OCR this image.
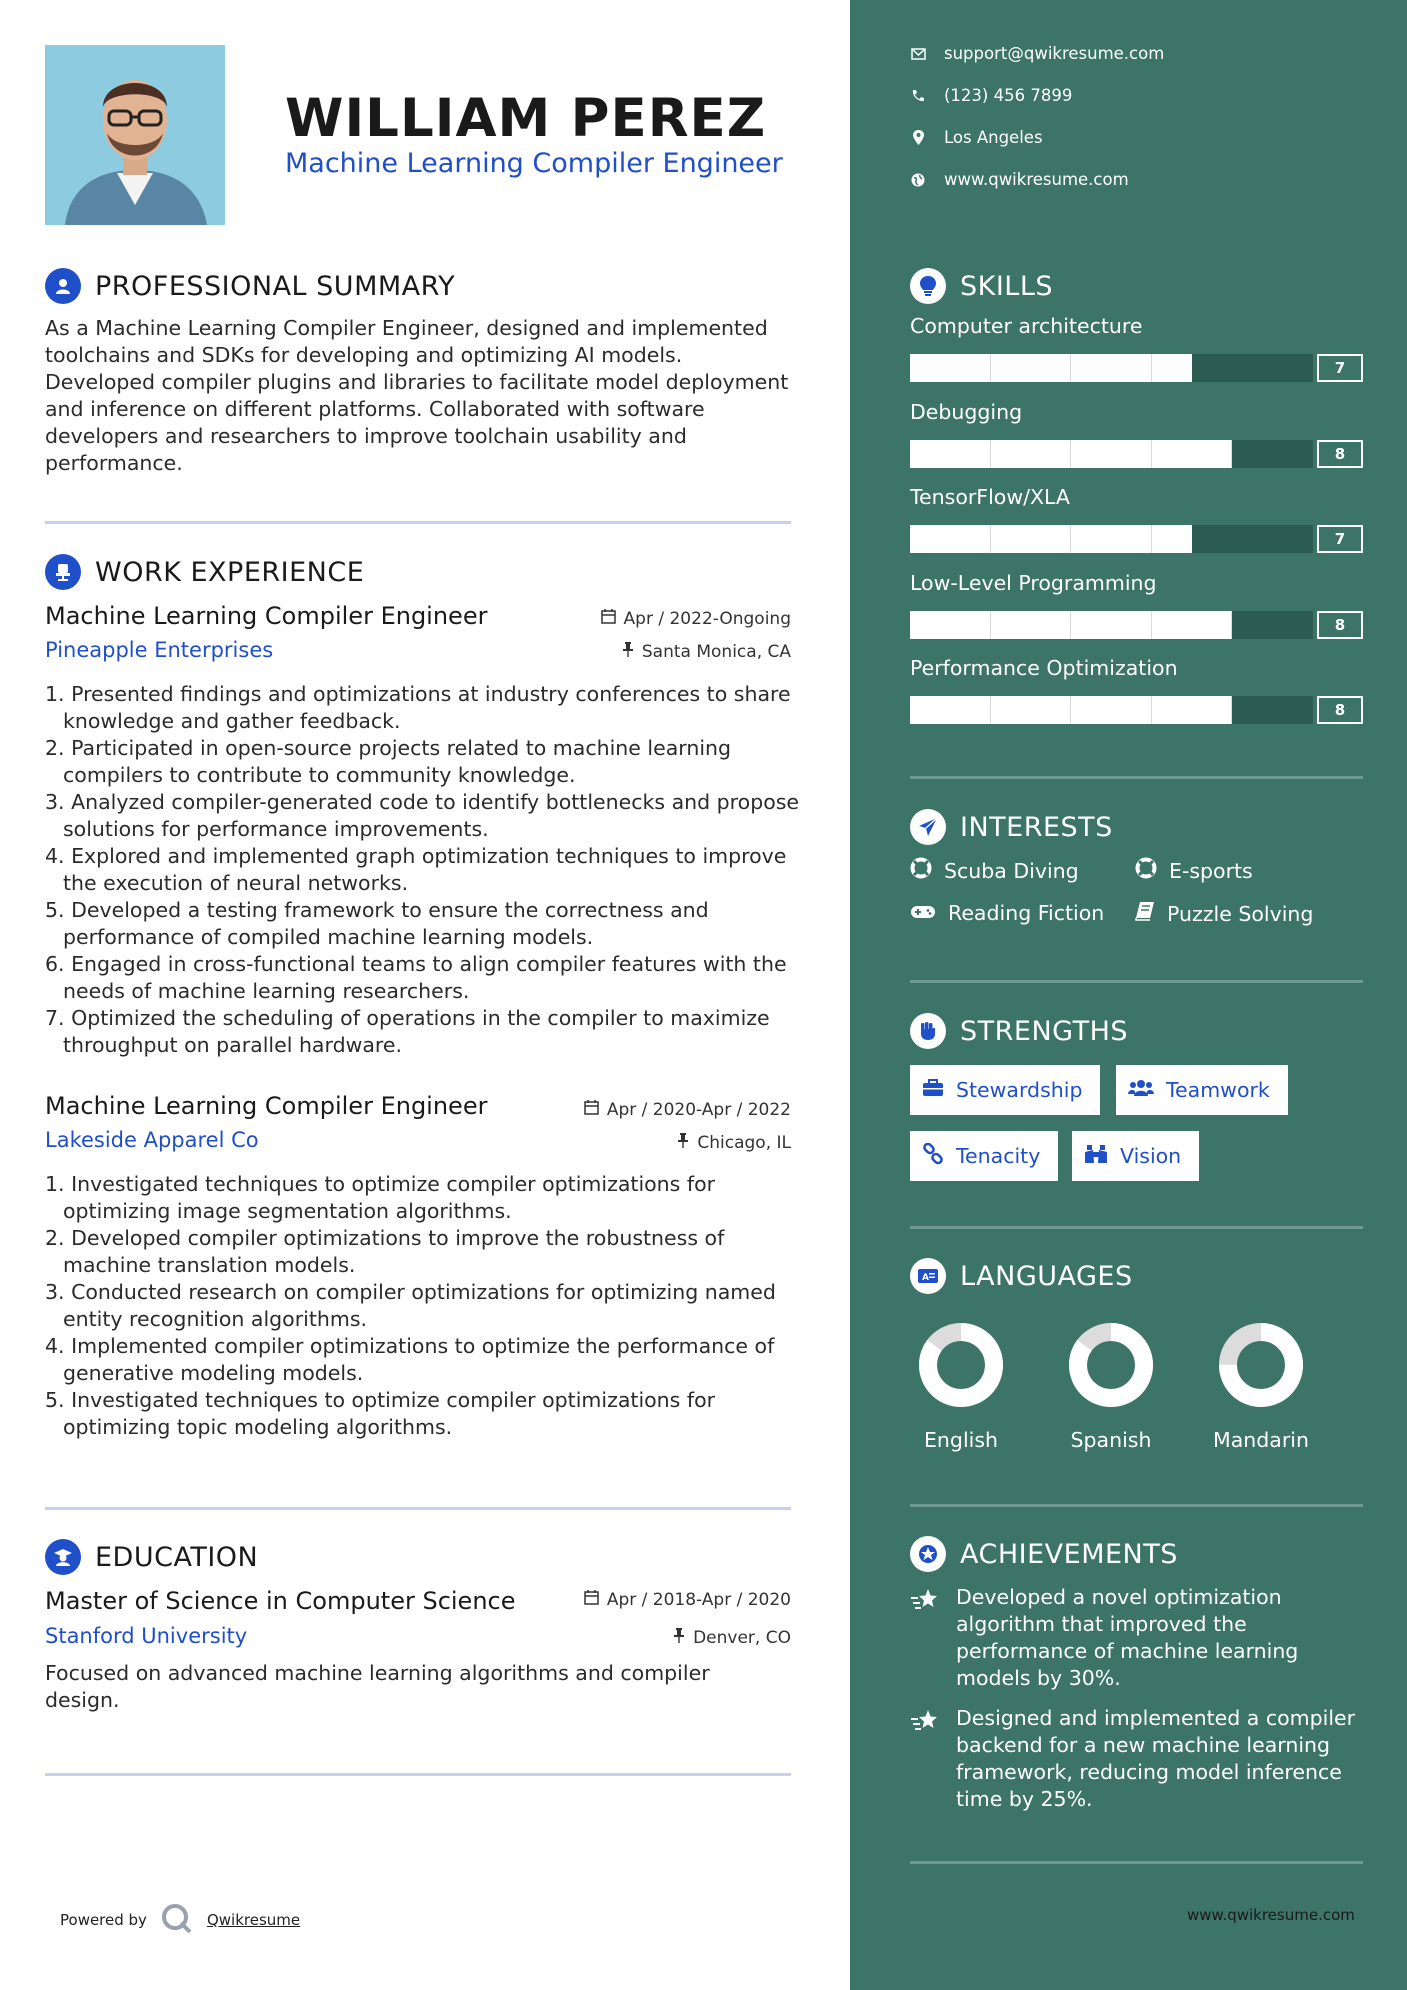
WILLIAM PEREZ
Machine Learning Compiler Engineer
PROFESSIONAL SUMMARY
As a Machine Learning Compiler Engineer, designed and implemented toolchains and SDKs for developing and optimizing AI models. Developed compiler plugins and libraries to facilitate model deployment and inference on different platforms. Collaborated with software developers and researchers to improve toolchain usability and performance.
WORK EXPERIENCE
Machine Learning Compiler Engineer	Apr / 2022-Ongoing
Pineapple Enterprises	Santa Monica, CA
1. Presented findings and optimizations at industry conferences to share knowledge and gather feedback.
2. Participated in open-source projects related to machine learning compilers to contribute to community knowledge.
3. Analyzed compiler-generated code to identify bottlenecks and propose solutions for performance improvements.
4. Explored and implemented graph optimization techniques to improve the execution of neural networks.
5. Developed a testing framework to ensure the correctness and performance of compiled machine learning models.
6. Engaged in cross-functional teams to align compiler features with the needs of machine learning researchers.
7. Optimized the scheduling of operations in the compiler to maximize throughput on parallel hardware.
Machine Learning Compiler Engineer	Apr / 2020-Apr / 2022
Lakeside Apparel Co	Chicago, IL
1. Investigated techniques to optimize compiler optimizations for optimizing image segmentation algorithms.
2. Developed compiler optimizations to improve the robustness of machine translation models.
3. Conducted research on compiler optimizations for optimizing named entity recognition algorithms.
4. Implemented compiler optimizations to optimize the performance of generative modeling models.
5. Investigated techniques to optimize compiler optimizations for optimizing topic modeling algorithms.
EDUCATION
Master of Science in Computer Science	Apr / 2018-Apr / 2020
Stanford University	Denver, CO
Focused on advanced machine learning algorithms and compiler design.
Powered by	Qwikresume
support@qwikresume.com
(123) 456 7899
Los Angeles
www.qwikresume.com
SKILLS
Computer architecture
7
Debugging
8
TensorFlow/XLA
7
Low-Level Programming
8
Performance Optimization
8
INTERESTS
Scuba Diving	E-sports
Reading Fiction	Puzzle Solving
STRENGTHS
Stewardship	Teamwork
Tenacity	Vision
A LANGUAGES
English	Spanish	Mandarin
ACHIEVEMENTS
Developed a novel optimization algorithm that improved the performance of machine learning models by 30%.
Designed and implemented a compiler backend for a new machine learning framework, reducing model inference time by 25%.
www.qwikresume.com
